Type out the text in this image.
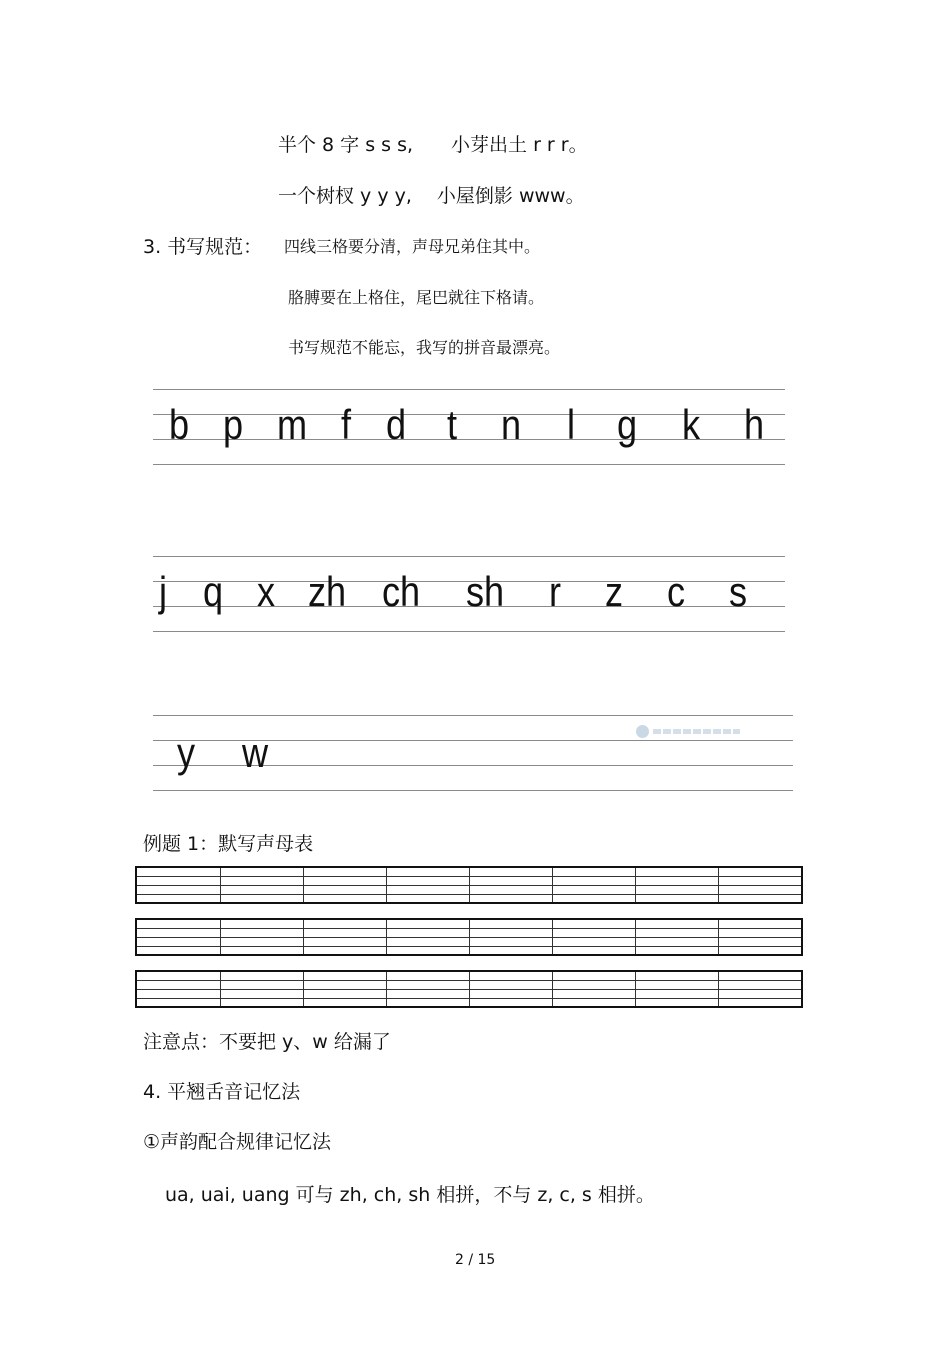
半个 8 字 s s s,　　小芽出土 r r r。
一个树杈 y y y,　 小屋倒影 www。
3. 书写规范： 四线三格要分清，声母兄弟住其中。
胳膊要在上格住，尾巴就往下格请。
书写规范不能忘，我写的拼音最漂亮。
b p m f d t n l g k h
j q x zh ch sh r z c s
y w
例题 1：默写声母表
注意点：不要把 y、w 给漏了
4. 平翘舌音记忆法
①声韵配合规律记忆法
ua, uai, uang 可与 zh, ch, sh 相拼，不与 z, c, s 相拼。
2 / 15
